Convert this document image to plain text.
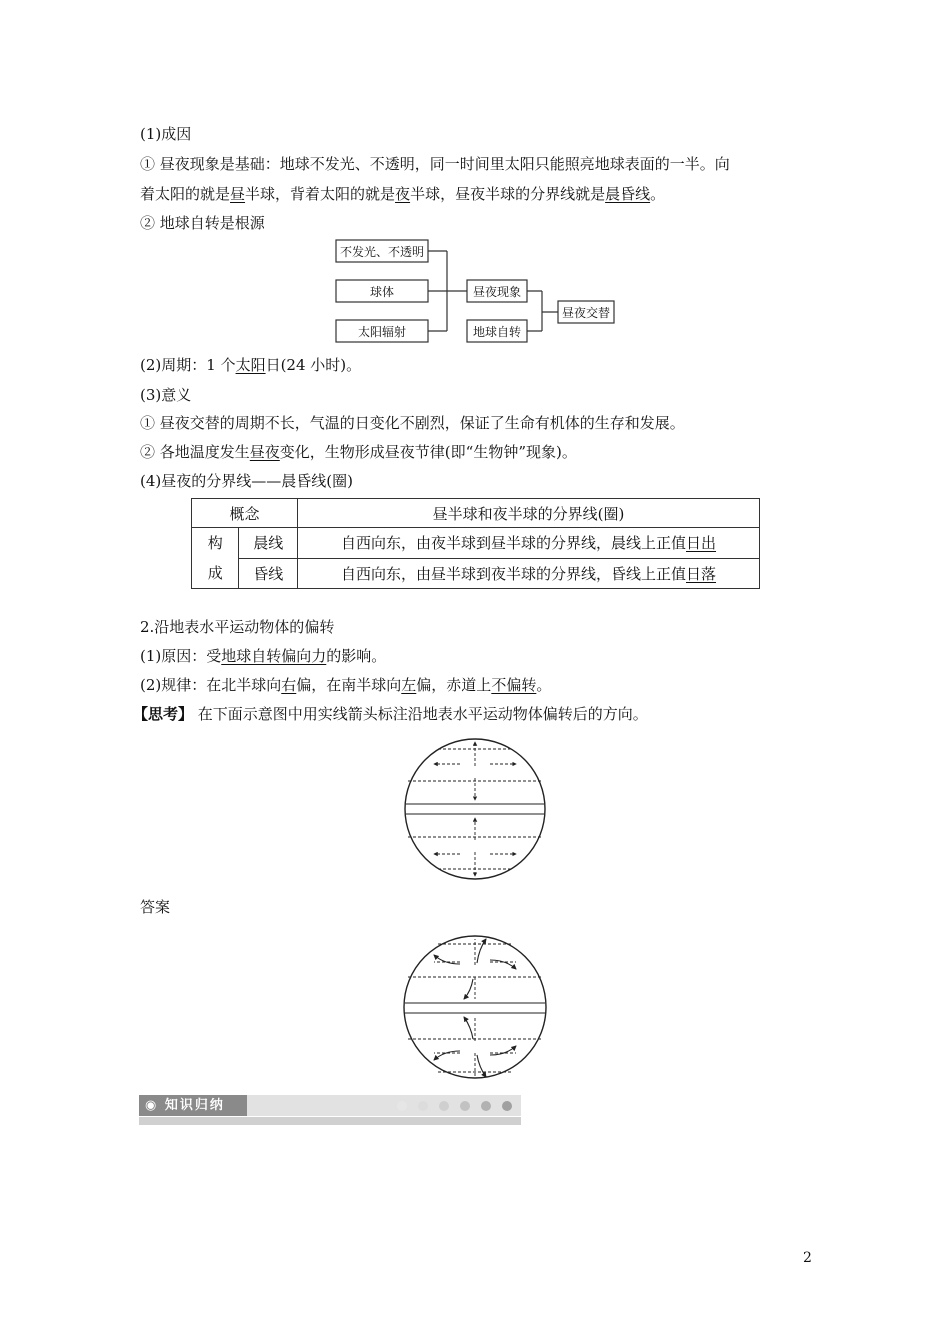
(1)成因
① 昼夜现象是基础：地球不发光、不透明，同一时间里太阳只能照亮地球表面的一半。向
着太阳的就是昼半球，背着太阳的就是夜半球，昼夜半球的分界线就是晨昏线。
② 地球自转是根源
不发光、不透明
球体
太阳辐射
昼夜现象
地球自转
昼夜交替
(2)周期：1 个太阳日(24 小时)。
(3)意义
① 昼夜交替的周期不长，气温的日变化不剧烈，保证了生命有机体的生存和发展。
② 各地温度发生昼夜变化，生物形成昼夜节律(即“生物钟”现象)。
(4)昼夜的分界线——晨昏线(圈)
概念		昼半球和夜半球的分界线(圈)

构
成	晨线	自西向东，由夜半球到昼半球的分界线，晨线上正值日出
	昏线	自西向东，由昼半球到夜半球的分界线，昏线上正值日落
2.沿地表水平运动物体的偏转
(1)原因：受地球自转偏向力的影响。
(2)规律：在北半球向右偏，在南半球向左偏，赤道上不偏转。
【思考】 在下面示意图中用实线箭头标注沿地表水平运动物体偏转后的方向。
答案
◉ 知识归纳
2
